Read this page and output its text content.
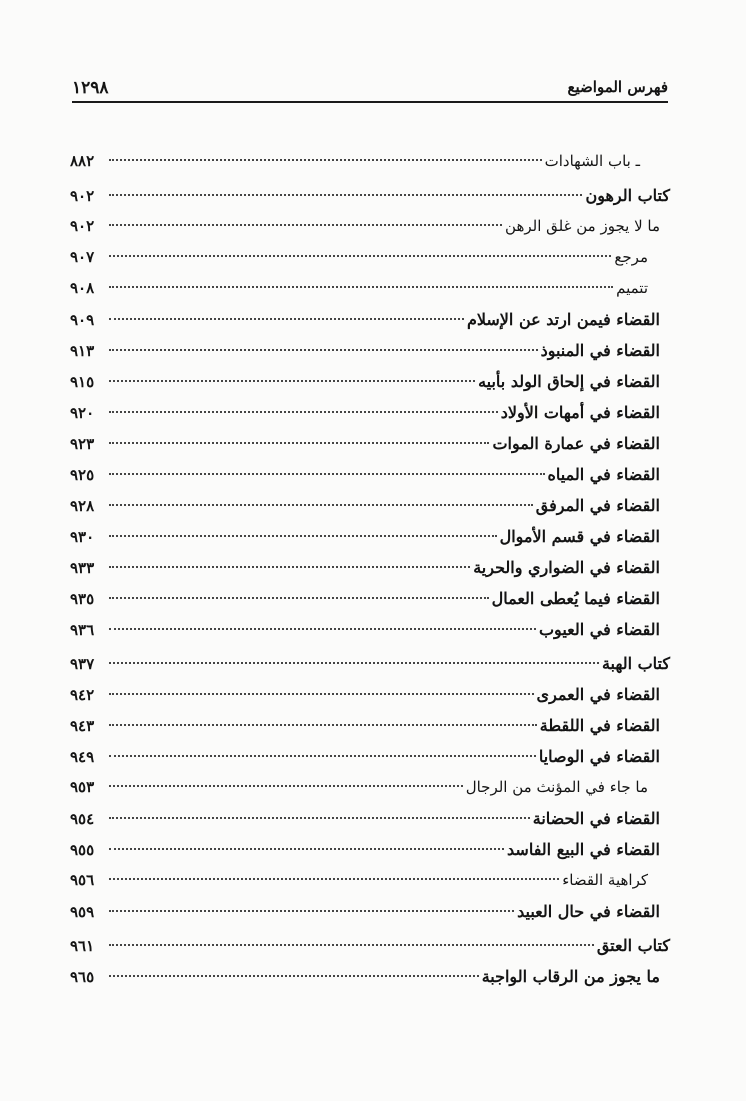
فهرس المواضيع
١٢٩٨
ـ باب الشهادات
٨٨٢
كتاب الرهون
٩٠٢
ما لا يجوز من غلق الرهن
٩٠٢
مرجع
٩٠٧
تتميم
٩٠٨
القضاء فيمن ارتد عن الإسلام
٩٠٩
القضاء في المنبوذ
٩١٣
القضاء في إلحاق الولد بأبيه
٩١٥
القضاء في أمهات الأولاد
٩٢٠
القضاء في عمارة الموات
٩٢٣
القضاء في المياه
٩٢٥
القضاء في المرفق
٩٢٨
القضاء في قسم الأموال
٩٣٠
القضاء في الضواري والحرية
٩٣٣
القضاء فيما يُعطى العمال
٩٣٥
القضاء في العيوب
٩٣٦
كتاب الهبة
٩٣٧
القضاء في العمرى
٩٤٢
القضاء في اللقطة
٩٤٣
القضاء في الوصايا
٩٤٩
ما جاء في المؤنث من الرجال
٩٥٣
القضاء في الحضانة
٩٥٤
القضاء في البيع الفاسد
٩٥٥
كراهية القضاء
٩٥٦
القضاء في حال العبيد
٩٥٩
كتاب العتق
٩٦١
ما يجوز من الرقاب الواجبة
٩٦٥
